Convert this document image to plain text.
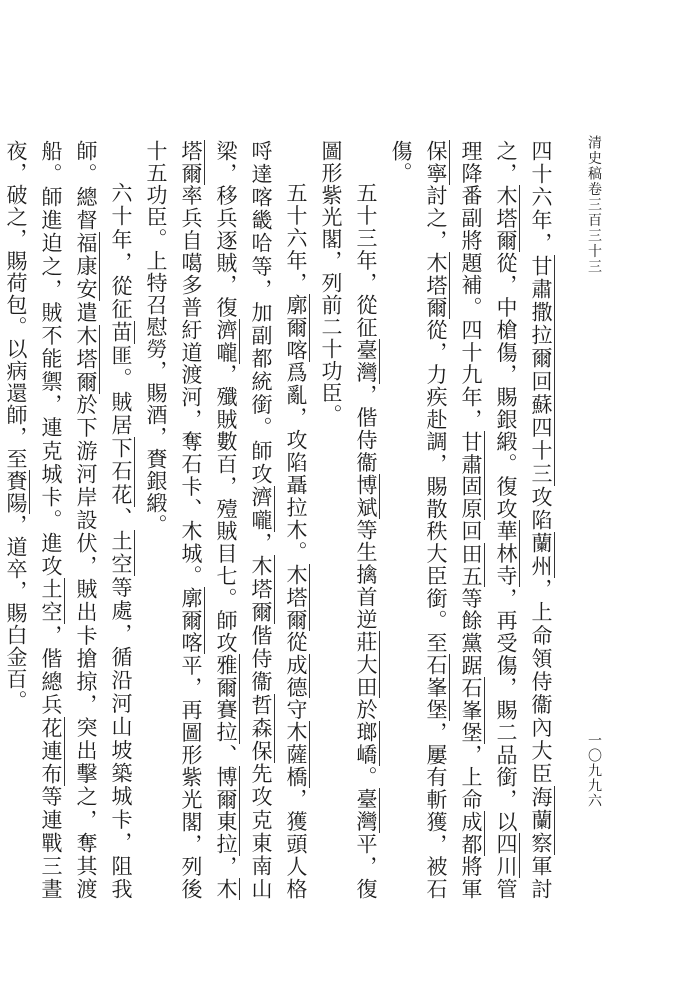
清史稿卷三百三十三
一〇九九六

四十六年，甘肅撒拉爾回蘇四十三攻陷蘭州，上命領侍衞內大臣海蘭察軍討之，木塔爾從，中槍傷，賜銀緞。復攻華林寺，再受傷，賜二品銜，以四川管理降番副將題補。四十九年，甘肅固原回田五等餘黨踞石峯堡，上命成都將軍保寧討之，木塔爾從，力疾赴調，賜散秩大臣銜。至石峯堡，屢有斬獲，被石傷。

五十三年，從征臺灣，偕侍衞博斌等生擒首逆莊大田於瑯嶠。臺灣平，復圖形紫光閣，列前二十功臣。

五十六年，廓爾喀爲亂，攻陷聶拉木。木塔爾從成德守木薩橋，獲頭人格哷達喀畿哈等，加副都統銜。師攻濟嚨，木塔爾偕侍衞哲森保先攻克東南山梁，移兵逐賊，復濟嚨，殲賊數百，殪賊目七。師攻雅爾賽拉、博爾東拉，木塔爾率兵自噶多普紆道渡河，奪石卡、木城。廓爾喀平，再圖形紫光閣，列後十五功臣。上特召慰勞，賜酒，賚銀緞。

六十年，從征苗匪。賊居下石花、土空等處，循沿河山坡築城卡，阻我師。總督福康安遣木塔爾於下游河岸設伏，賊出卡搶掠，突出擊之，奪其渡船。師進迫之，賊不能禦，連克城卡。進攻土空，偕總兵花連布等連戰三晝夜，破之，賜荷包。以病還師，至賚陽，道卒，賜白金百。
